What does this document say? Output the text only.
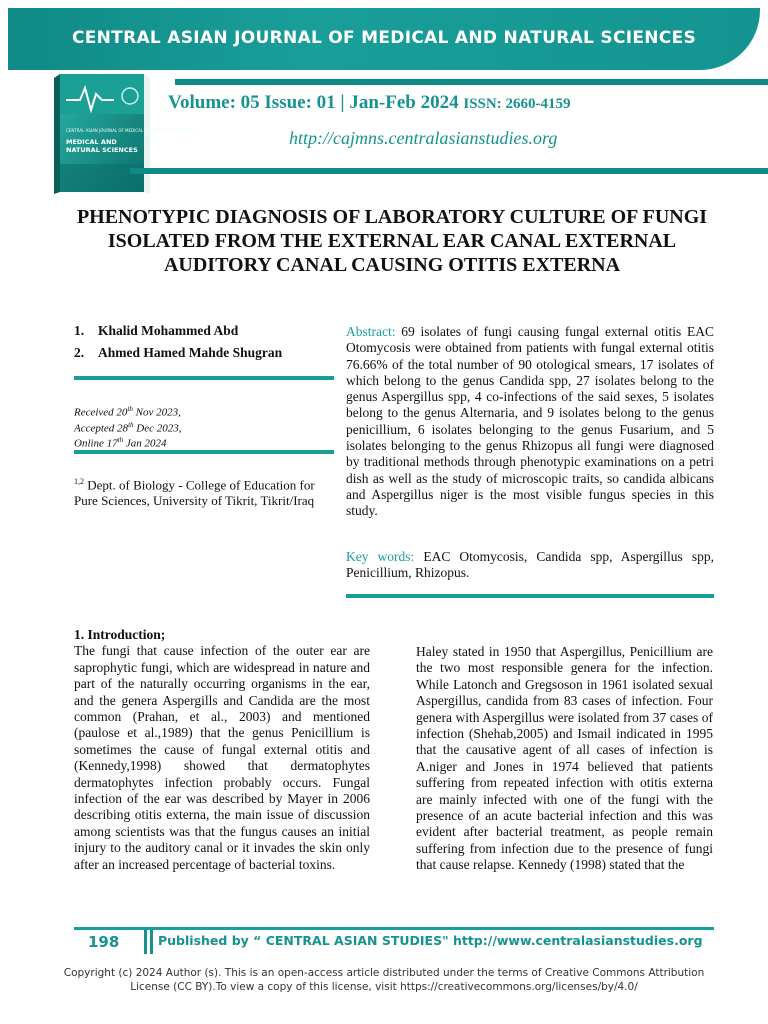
CENTRAL ASIAN JOURNAL OF MEDICAL AND NATURAL SCIENCES
CENTRAL ASIAN JOURNAL OF MEDICAL AND NATURAL SCIENCES
MEDICAL AND
NATURAL SCIENCES
Volume: 05 Issue: 01 | Jan-Feb 2024 ISSN: 2660-4159
http://cajmns.centralasianstudies.org
PHENOTYPIC DIAGNOSIS OF LABORATORY CULTURE OF FUNGI ISOLATED FROM THE EXTERNAL EAR CANAL EXTERNAL AUDITORY CANAL CAUSING OTITIS EXTERNA
1. Khalid Mohammed Abd
2. Ahmed Hamed Mahde Shugran
Received 20th Nov 2023,
Accepted 28th Dec 2023,
Online 17th Jan 2024
$^{1,2}$ Dept. of Biology - College of Education for Pure Sciences, University of Tikrit, Tikrit/Iraq
Abstract: 69 isolates of fungi causing fungal external otitis EAC Otomycosis were obtained from patients with fungal external otitis 76.66% of the total number of 90 otological smears, 17 isolates of which belong to the genus Candida spp, 27 isolates belong to the genus Aspergillus spp, 4 co-infections of the said sexes, 5 isolates belong to the genus Alternaria, and 9 isolates belong to the genus penicillium, 6 isolates belonging to the genus Fusarium, and 5 isolates belonging to the genus Rhizopus all fungi were diagnosed by traditional methods through phenotypic examinations on a petri dish as well as the study of microscopic traits, so candida albicans and Aspergillus niger is the most visible fungus species in this study.
Key words: EAC Otomycosis, Candida spp, Aspergillus spp, Penicillium, Rhizopus.
1. Introduction;
The fungi that cause infection of the outer ear are saprophytic fungi, which are widespread in nature and part of the naturally occurring organisms in the ear, and the genera Aspergills and Candida are the most common (Prahan, et al., 2003) and mentioned (paulose et al.,1989) that the genus Penicillium is sometimes the cause of fungal external otitis and (Kennedy,1998) showed that dermatophytes dermatophytes infection probably occurs. Fungal infection of the ear was described by Mayer in 2006 describing otitis externa, the main issue of discussion among scientists was that the fungus causes an initial injury to the auditory canal or it invades the skin only after an increased percentage of bacterial toxins.
Haley stated in 1950 that Aspergillus, Penicillium are the two most responsible genera for the infection. While Latonch and Gregsoson in 1961 isolated sexual Aspergillus, candida from 83 cases of infection. Four genera with Aspergillus were isolated from 37 cases of infection (Shehab,2005) and Ismail indicated in 1995 that the causative agent of all cases of infection is A.niger and Jones in 1974 believed that patients suffering from repeated infection with otitis externa are mainly infected with one of the fungi with the presence of an acute bacterial infection and this was evident after bacterial treatment, as people remain suffering from infection due to the presence of fungi that cause relapse. Kennedy (1998) stated that the
198	Published by “ CENTRAL ASIAN STUDIES" http://www.centralasianstudies.org
Copyright (c) 2024 Author (s). This is an open-access article distributed under the terms of Creative Commons Attribution License (CC BY).To view a copy of this license, visit https://creativecommons.org/licenses/by/4.0/
